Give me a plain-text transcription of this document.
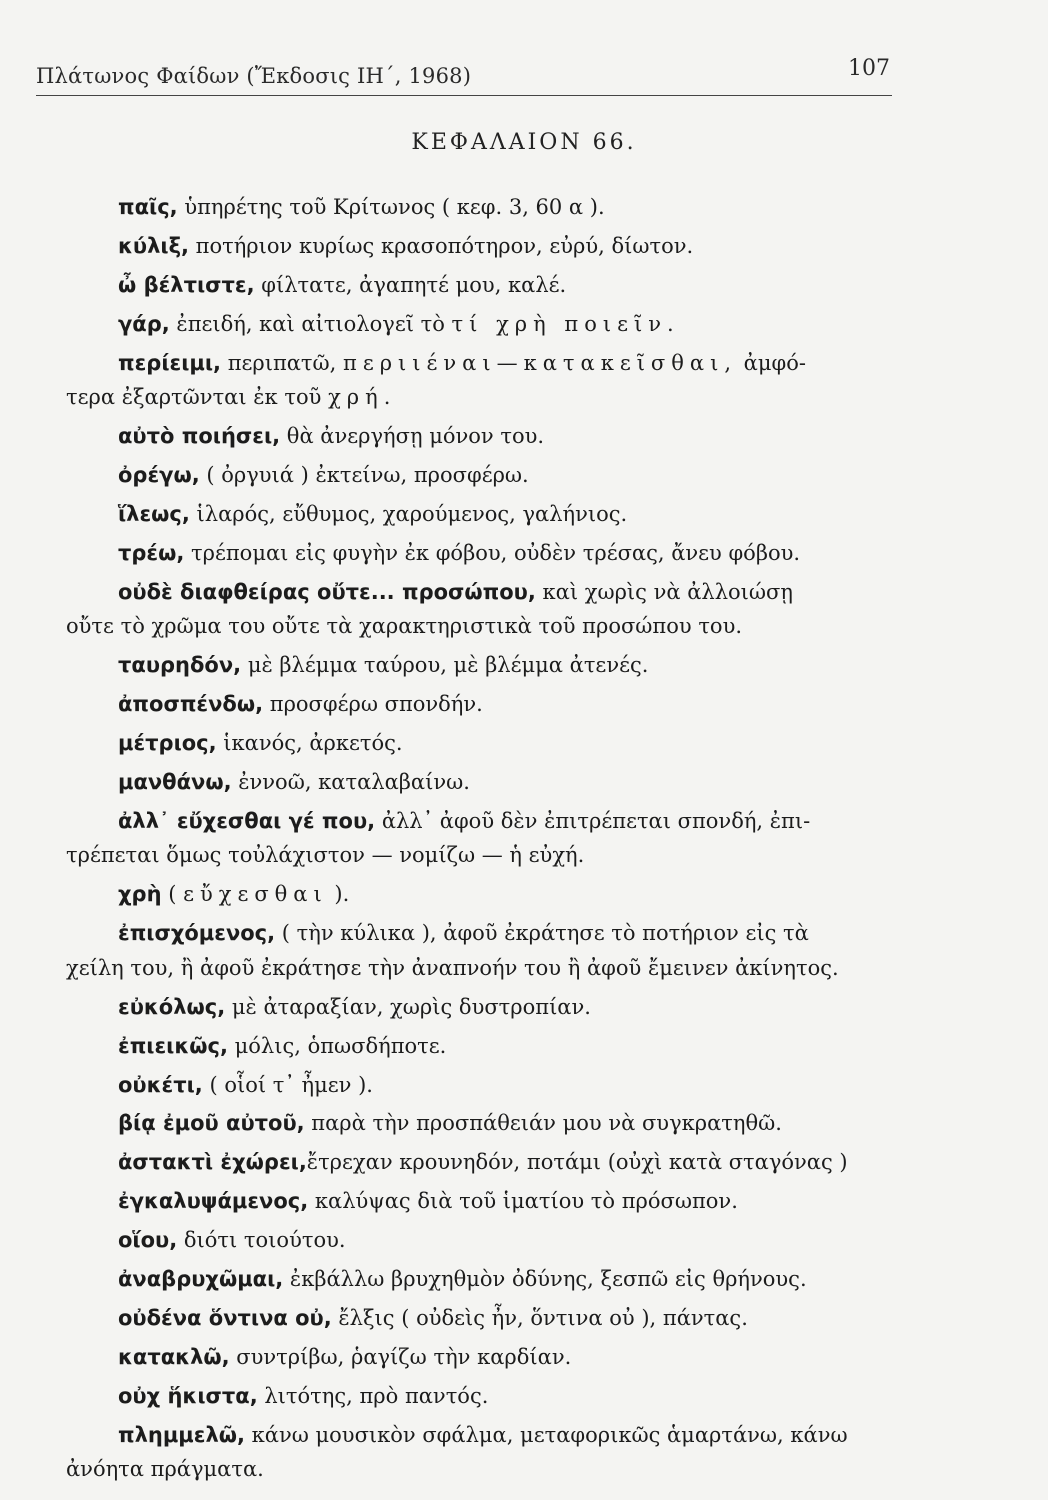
Πλάτωνος Φαίδων (Ἔκδοσις ΙΗ΄, 1968)	107
ΚΕΦΑΛΑΙΟΝ 66.
παῖς, ὑπηρέτης τοῦ Κρίτωνος ( κεφ. 3, 60 α ).
κύλιξ, ποτήριον κυρίως κρασοπότηρον, εὐρύ, δίωτον.
ὦ βέλτιστε, φίλτατε, ἀγαπητέ μου, καλέ.
γάρ, ἐπειδή, καὶ αἰτιολογεῖ τὸ τί χρὴ ποιεῖν.
περίειμι, περιπατῶ, περιιέναι—κατακεῖσθαι, ἀμφό-
τερα ἐξαρτῶνται ἐκ τοῦ χρή.
αὐτὸ ποιήσει, θὰ ἀνεργήσῃ μόνον του.
ὀρέγω, ( ὀργυιά ) ἐκτείνω, προσφέρω.
ἵλεως, ἱλαρός, εὔθυμος, χαρούμενος, γαλήνιος.
τρέω, τρέπομαι εἰς φυγὴν ἐκ φόβου, οὐδὲν τρέσας, ἄνευ φόβου.
οὐδὲ διαφθείρας οὔτε... προσώπου, καὶ χωρὶς νὰ ἀλλοιώσῃ
οὔτε τὸ χρῶμα του οὔτε τὰ χαρακτηριστικὰ τοῦ προσώπου του.
ταυρηδόν, μὲ βλέμμα ταύρου, μὲ βλέμμα ἀτενές.
ἀποσπένδω, προσφέρω σπονδήν.
μέτριος, ἱκανός, ἀρκετός.
μανθάνω, ἐννοῶ, καταλαβαίνω.
ἀλλ᾽ εὔχεσθαι γέ που, ἀλλ᾽ ἀφοῦ δὲν ἐπιτρέπεται σπονδή, ἐπι-
τρέπεται ὅμως τοὐλάχιστον — νομίζω — ἡ εὐχή.
χρὴ ( εὔχεσθαι ).
ἐπισχόμενος, ( τὴν κύλικα ), ἀφοῦ ἐκράτησε τὸ ποτήριον εἰς τὰ
χείλη του, ἢ ἀφοῦ ἐκράτησε τὴν ἀναπνοήν του ἢ ἀφοῦ ἔμεινεν ἀκίνητος.
εὐκόλως, μὲ ἀταραξίαν, χωρὶς δυστροπίαν.
ἐπιεικῶς, μόλις, ὁπωσδήποτε.
οὐκέτι, ( οἷοί τ᾽ ἦμεν ).
βίᾳ ἐμοῦ αὐτοῦ, παρὰ τὴν προσπάθειάν μου νὰ συγκρατηθῶ.
ἀστακτὶ ἐχώρει,ἔτρεχαν κρουνηδόν, ποτάμι (οὐχὶ κατὰ σταγόνας )
ἐγκαλυψάμενος, καλύψας διὰ τοῦ ἱματίου τὸ πρόσωπον.
οἵου, διότι τοιούτου.
ἀναβρυχῶμαι, ἐκβάλλω βρυχηθμὸν ὀδύνης, ξεσπῶ εἰς θρήνους.
οὐδένα ὅντινα οὐ, ἔλξις ( οὐδεὶς ἦν, ὅντινα οὐ ), πάντας.
κατακλῶ, συντρίβω, ῥαγίζω τὴν καρδίαν.
οὐχ ἥκιστα, λιτότης, πρὸ παντός.
πλημμελῶ, κάνω μουσικὸν σφάλμα, μεταφορικῶς ἁμαρτάνω, κάνω
ἀνόητα πράγματα.
